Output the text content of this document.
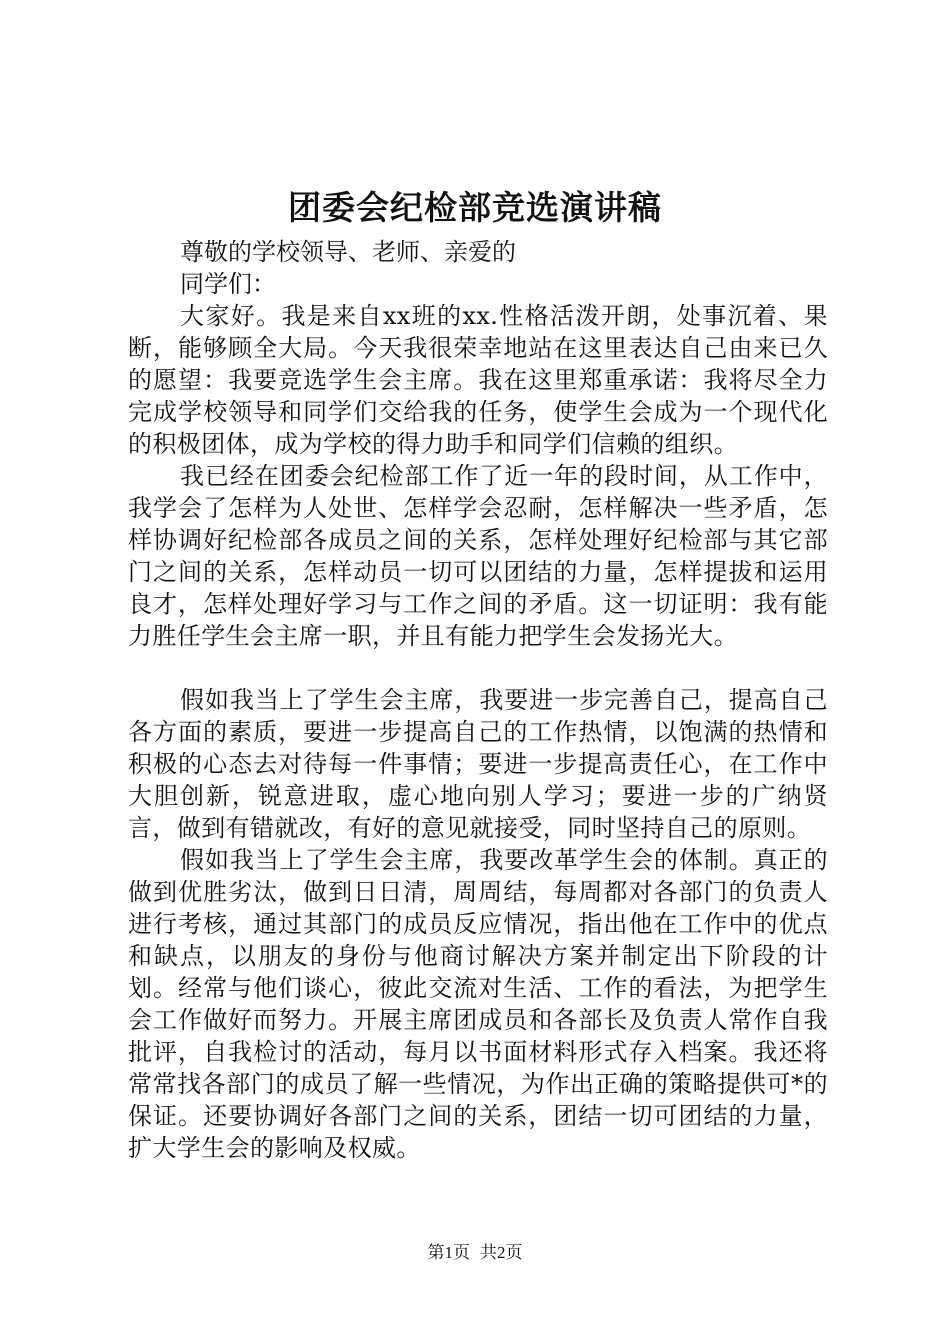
团委会纪检部竞选演讲稿

尊敬的学校领导、老师、亲爱的

同学们：

大家好。我是来自xx班的xx.性格活泼开朗，处事沉着、果断，能够顾全大局。今天我很荣幸地站在这里表达自己由来已久的愿望：我要竞选学生会主席。我在这里郑重承诺：我将尽全力完成学校领导和同学们交给我的任务，使学生会成为一个现代化的积极团体，成为学校的得力助手和同学们信赖的组织。

我已经在团委会纪检部工作了近一年的段时间，从工作中，我学会了怎样为人处世、怎样学会忍耐，怎样解决一些矛盾，怎样协调好纪检部各成员之间的关系，怎样处理好纪检部与其它部门之间的关系，怎样动员一切可以团结的力量，怎样提拔和运用良才，怎样处理好学习与工作之间的矛盾。这一切证明：我有能力胜任学生会主席一职，并且有能力把学生会发扬光大。

假如我当上了学生会主席，我要进一步完善自己，提高自己各方面的素质，要进一步提高自己的工作热情，以饱满的热情和积极的心态去对待每一件事情；要进一步提高责任心，在工作中大胆创新，锐意进取，虚心地向别人学习；要进一步的广纳贤言，做到有错就改，有好的意见就接受，同时坚持自己的原则。

假如我当上了学生会主席，我要改革学生会的体制。真正的做到优胜劣汰，做到日日清，周周结，每周都对各部门的负责人进行考核，通过其部门的成员反应情况，指出他在工作中的优点和缺点，以朋友的身份与他商讨解决方案并制定出下阶段的计划。经常与他们谈心，彼此交流对生活、工作的看法，为把学生会工作做好而努力。开展主席团成员和各部长及负责人常作自我批评，自我检讨的活动，每月以书面材料形式存入档案。我还将常常找各部门的成员了解一些情况，为作出正确的策略提供可*的保证。还要协调好各部门之间的关系，团结一切可团结的力量，扩大学生会的影响及权威。

第1页 共2页
